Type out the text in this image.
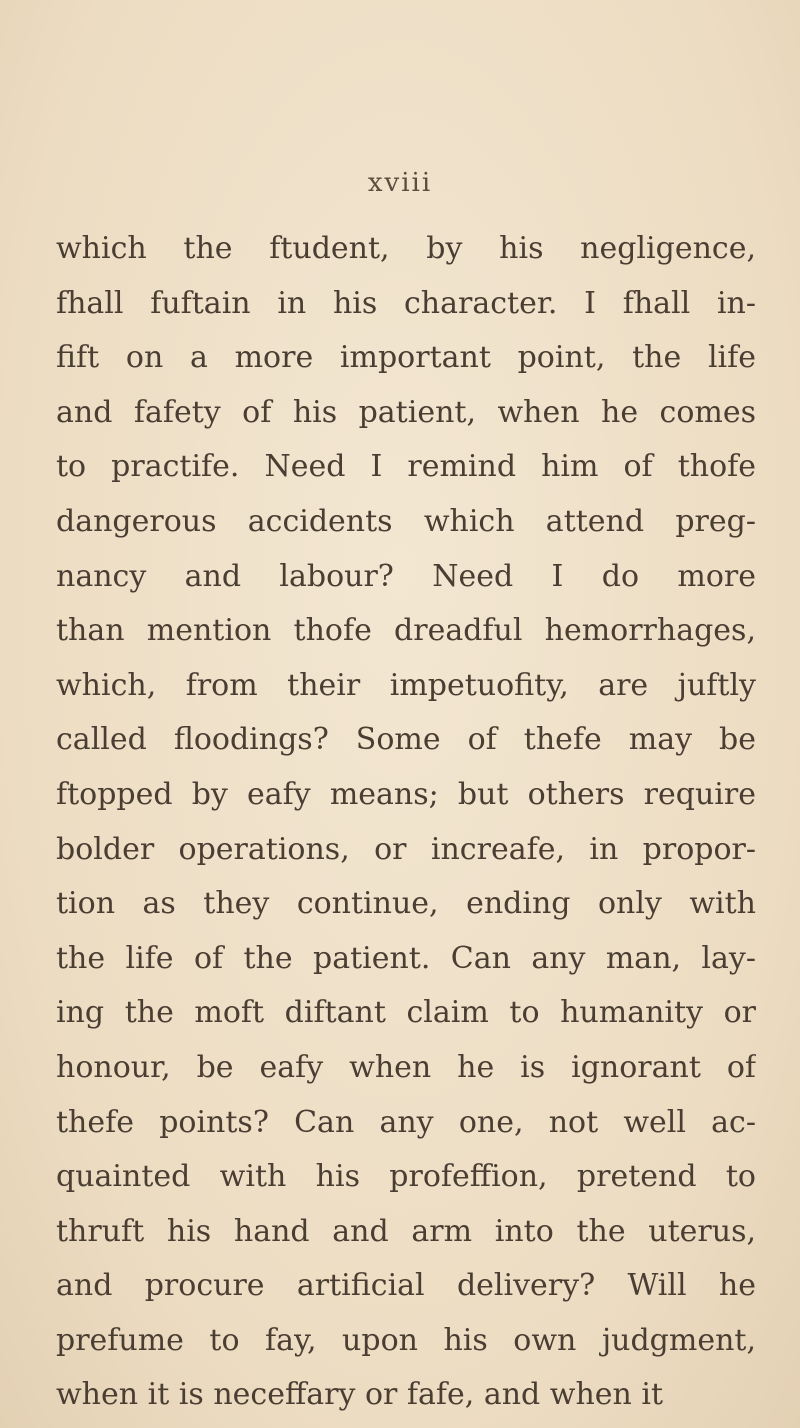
xviii
which the ftudent, by his negligence,
fhall fuftain in his character. I fhall in-
fift on a more important point, the life
and fafety of his patient, when he comes
to practife. Need I remind him of thofe
dangerous accidents which attend preg-
nancy and labour? Need I do more
than mention thofe dreadful hemorrhages,
which, from their impetuofity, are juftly
called floodings? Some of thefe may be
ftopped by eafy means; but others require
bolder operations, or increafe, in propor-
tion as they continue, ending only with
the life of the patient. Can any man, lay-
ing the moft diftant claim to humanity or
honour, be eafy when he is ignorant of
thefe points? Can any one, not well ac-
quainted with his profeffion, pretend to
thruft his hand and arm into the uterus,
and procure artificial delivery? Will he
prefume to fay, upon his own judgment,
when it is neceffary or fafe, and when it
